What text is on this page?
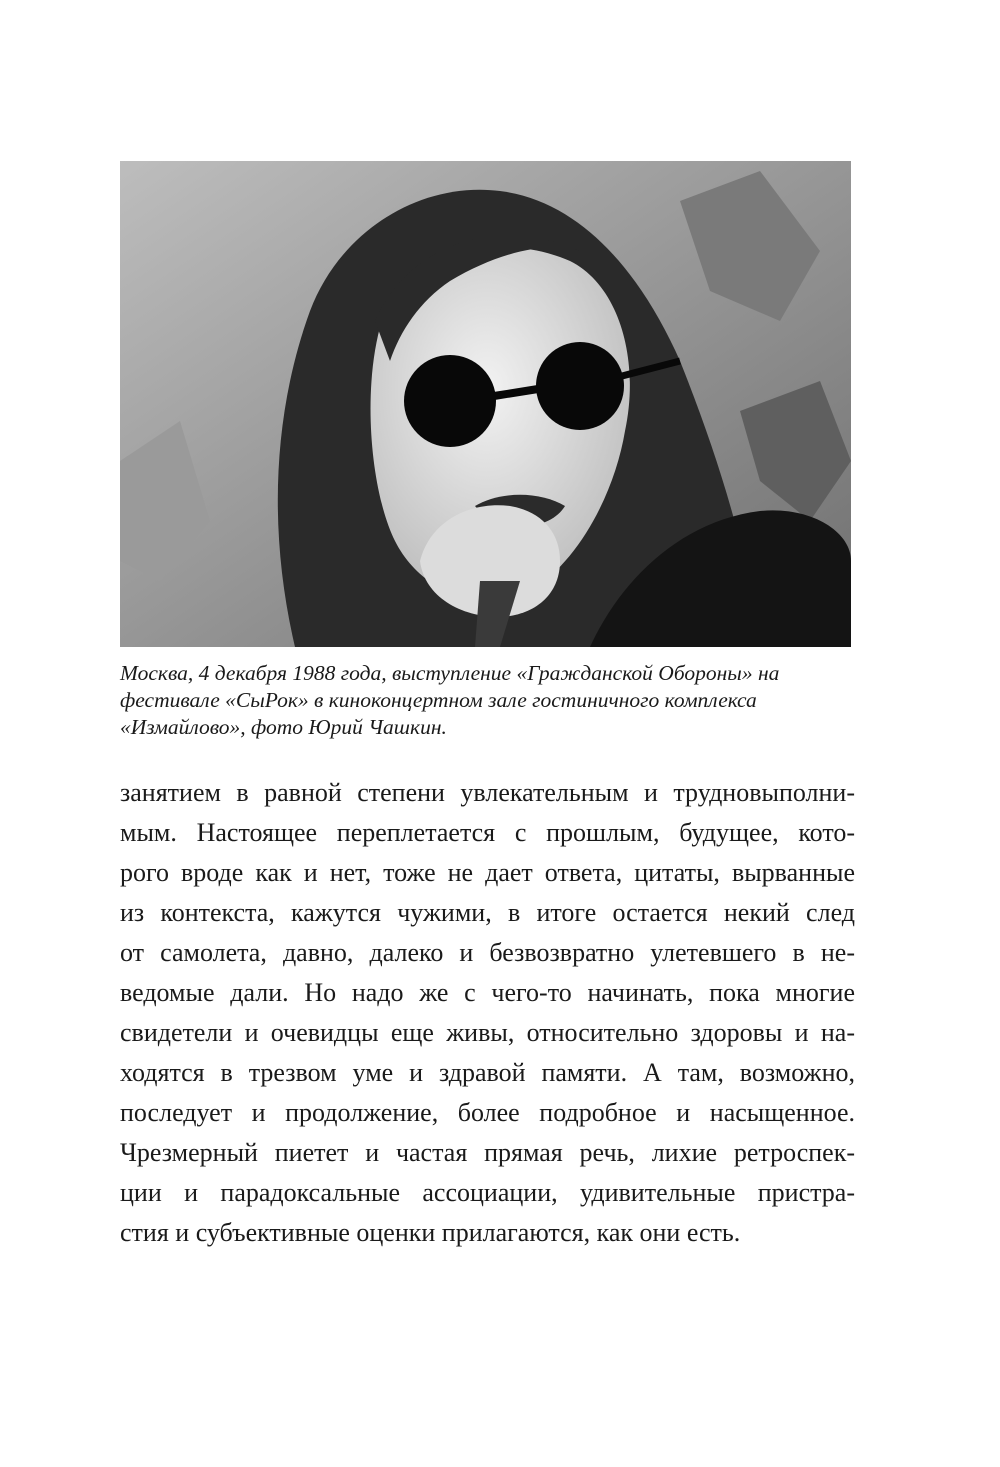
Москва, 4 декабря 1988 года, выступление «Гражданской Обороны» на

фестивале «СыРок» в киноконцертном зале гостиничного комплекса

«Измайлово», фото Юрий Чашкин.

занятием в равной степени увлекательным и трудновыполни-

мым. Настоящее переплетается с прошлым, будущее, кото-

рого вроде как и нет, тоже не дает ответа, цитаты, вырванные

из контекста, кажутся чужими, в итоге остается некий след

от самолета, давно, далеко и безвозвратно улетевшего в не-

ведомые дали. Но надо же с чего-то начинать, пока многие

свидетели и очевидцы еще живы, относительно здоровы и на-

ходятся в трезвом уме и здравой памяти. А там, возможно,

последует и продолжение, более подробное и насыщенное.

Чрезмерный пиетет и частая прямая речь, лихие ретроспек-

ции и парадоксальные ассоциации, удивительные пристра-

стия и субъективные оценки прилагаются, как они есть.
